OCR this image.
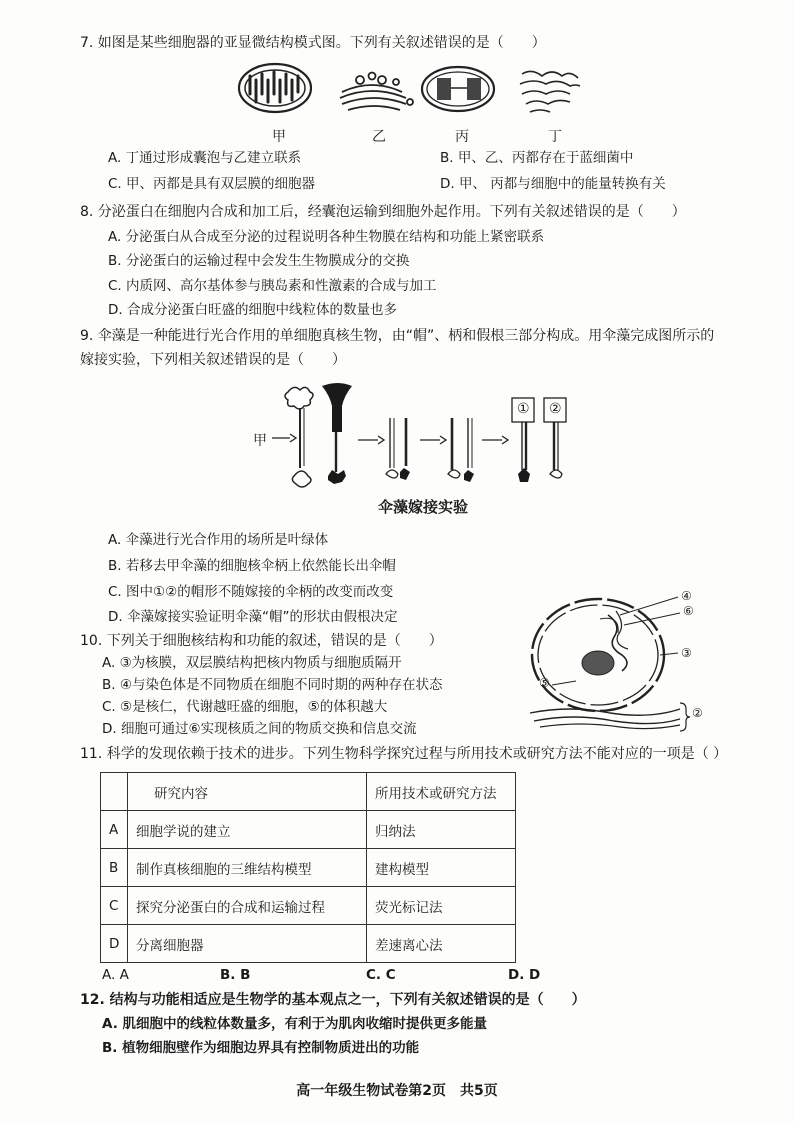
7. 如图是某些细胞器的亚显微结构模式图。下列有关叙述错误的是（　　）
甲	乙	丙	丁
A. 丁通过形成囊泡与乙建立联系	B. 甲、乙、丙都存在于蓝细菌中
C. 甲、丙都是具有双层膜的细胞器	D. 甲、 丙都与细胞中的能量转换有关
8. 分泌蛋白在细胞内合成和加工后，经囊泡运输到细胞外起作用。下列有关叙述错误的是（　　）
A. 分泌蛋白从合成至分泌的过程说明各种生物膜在结构和功能上紧密联系
B. 分泌蛋白的运输过程中会发生生物膜成分的交换
C. 内质网、高尔基体参与胰岛素和性激素的合成与加工
D. 合成分泌蛋白旺盛的细胞中线粒体的数量也多
9. 伞藻是一种能进行光合作用的单细胞真核生物，由“帽”、柄和假根三部分构成。用伞藻完成图所示的
嫁接实验，下列相关叙述错误的是（　　）
甲
① ②
伞藻嫁接实验
A. 伞藻进行光合作用的场所是叶绿体
B. 若移去甲伞藻的细胞核伞柄上依然能长出伞帽
C. 图中①②的帽形不随嫁接的伞柄的改变而改变
D. 伞藻嫁接实验证明伞藻“帽”的形状由假根决定
10. 下列关于细胞核结构和功能的叙述，错误的是（　　）
④
⑥
③
⑤
②
A. ③为核膜，双层膜结构把核内物质与细胞质隔开
B. ④与染色体是不同物质在细胞不同时期的两种存在状态
C. ⑤是核仁，代谢越旺盛的细胞，⑤的体积越大
D. 细胞可通过⑥实现核质之间的物质交换和信息交流
11. 科学的发现依赖于技术的进步。下列生物科学探究过程与所用技术或研究方法不能对应的一项是（ ）
	研究内容	所用技术或研究方法
A	细胞学说的建立	归纳法
B	制作真核细胞的三维结构模型	建构模型
C	探究分泌蛋白的合成和运输过程	荧光标记法
D	分离细胞器	差速离心法
A. A	B. B	C. C	D. D
12. 结构与功能相适应是生物学的基本观点之一，下列有关叙述错误的是（　　）
A. 肌细胞中的线粒体数量多，有利于为肌肉收缩时提供更多能量
B. 植物细胞壁作为细胞边界具有控制物质进出的功能
高一年级生物试卷第2页　共5页
